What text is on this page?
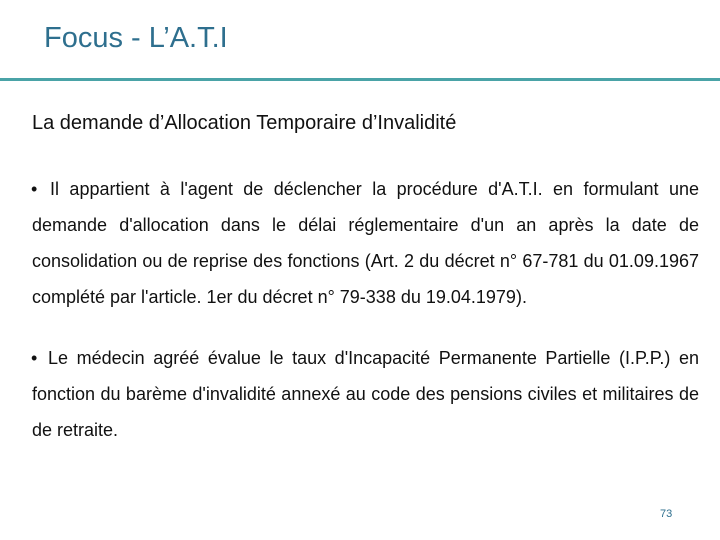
Focus - L’A.T.I
La demande d’Allocation Temporaire d’Invalidité
• Il appartient à l'agent de déclencher la procédure d'A.T.I. en formulant une demande d'allocation dans le délai réglementaire d'un an après la date de consolidation ou de reprise des fonctions (Art. 2 du décret n° 67-781 du 01.09.1967 complété par l'article. 1er du décret n° 79-338 du 19.04.1979).

• Le médecin agréé évalue le taux d'Incapacité Permanente Partielle (I.P.P.) en fonction du barème d'invalidité annexé au code des pensions civiles et militaires de de retraite.

73
